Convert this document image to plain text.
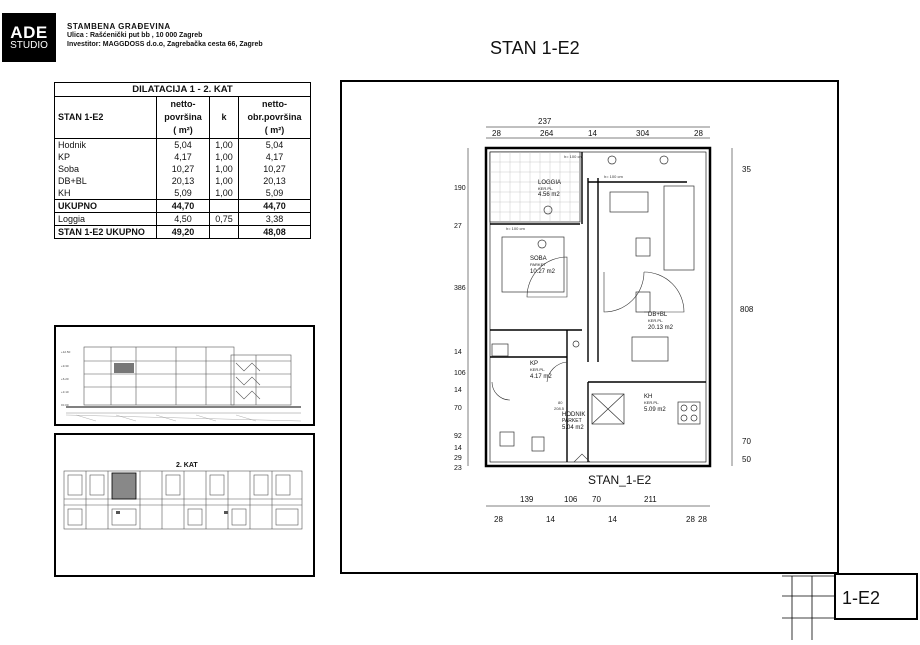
ADE
STUDIO
STAMBENA GRAĐEVINA
Ulica : Rašćenički put bb , 10 000 Zagreb
Investitor: MAGGDOSS d.o.o, Zagrebačka cesta 66, Zagreb	STAN 1-E2
DILATACIJA 1 - 2. KAT			
STAN 1-E2	netto-
površina
( m²)	k	netto-
obr.površina
( m²)
Hodnik	5,04	1,00	5,04
KP	4,17	1,00	4,17
Soba	10,27	1,00	10,27
DB+BL	20,13	1,00	20,13
KH	5,09	1,00	5,09
UKUPNO	44,70		44,70
Loggia	4,50	0,75	3,38
STAN 1-E2 UKUPNO	49,20		48,08
+12.50
+9.30
+6.20
+3.10
±0.00
2. KAT
237
28	264	14	304	28
139	106 70	211
28	14	14	28 28
35
808
70
50
190
27
386
14
106
14
70
92
14
29
23
LOGGIA
KER.PL.
4.56 m2
SOBA
PARKET
10.27 m2
DB+BL
KER.PL.
20.13 m2
KP
KER.PL.
4.17 m2
HODNIK
PARKET
5.04 m2
KH
KER.PL.
5.09 m2
h= 100 cm
h= 100 cm
h= 100 cm
80
208.5
STAN_1-E2
1-E2
